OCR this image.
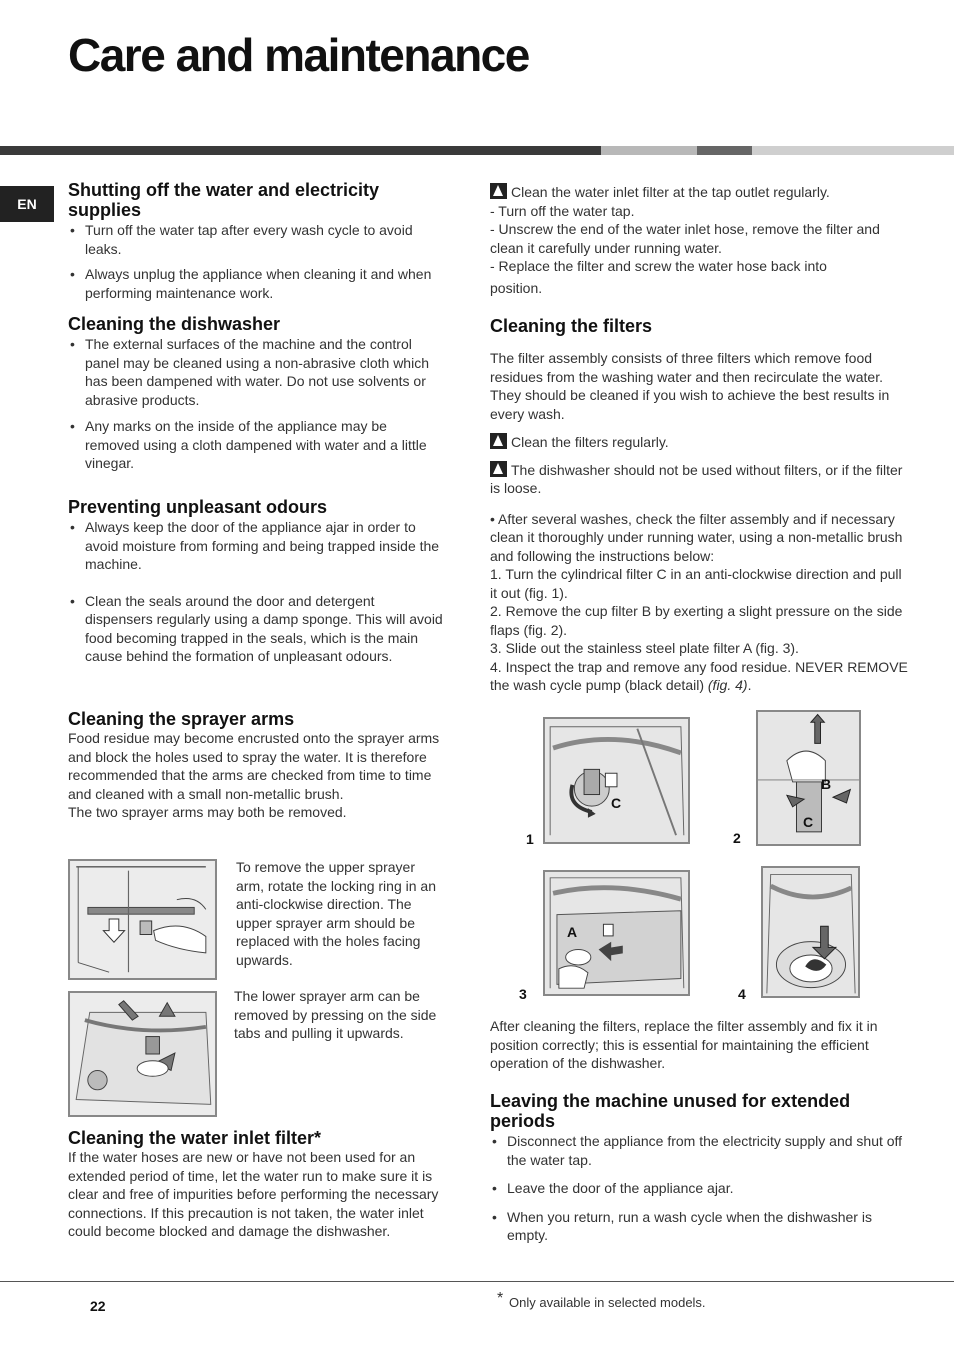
Care and maintenance
EN
Shutting off the water and electricity supplies
• Turn off the water tap after every wash cycle to avoid leaks.
• Always unplug the appliance when cleaning it and when performing maintenance work.
Cleaning the dishwasher
• The external surfaces of the machine and the control panel may be cleaned using a non-abrasive cloth which has been dampened with water. Do not use solvents or abrasive products.
• Any marks on the inside of the appliance may be removed using a cloth dampened with water and a little vinegar.
Preventing unpleasant odours
• Always keep the door of the appliance ajar in order to avoid moisture from forming and being trapped inside the machine.
• Clean the seals around the door and detergent dispensers regularly using a damp sponge. This will avoid food becoming trapped in the seals, which is the main cause behind the formation of unpleasant odours.
Cleaning the sprayer arms

Food residue may become encrusted onto the sprayer arms and block the holes used to spray the water. It is therefore recommended that the arms are checked from time to time and cleaned with a small non-metallic brush.

The two sprayer arms may both be removed.

To remove the upper sprayer arm, rotate the locking ring in an anti-clockwise direction. The upper sprayer arm should be replaced with the holes facing upwards.

The lower sprayer arm can be removed by pressing on the side tabs and pulling it upwards.

Cleaning the water inlet filter*

If the water hoses are new or have not been used for an extended period of time, let the water run to make sure it is clear and free of impurities before performing the necessary connections. If this precaution is not taken, the water inlet could become blocked and damage the dishwasher.

Clean the water inlet filter at the tap outlet regularly.

- Turn off the water tap.

- Unscrew the end of the water inlet hose, remove the filter and clean it carefully under running water.

- Replace the filter and screw the water hose back into

position.

Cleaning the filters

The filter assembly consists of three filters which remove food residues from the washing water and then recirculate the water. They should be cleaned if you wish to achieve the best results in every wash.

Clean the filters regularly.

The dishwasher should not be used without filters, or if the filter is loose.

• After several washes, check the filter assembly and if necessary clean it thoroughly under running water, using a non-metallic brush and following the instructions below:

1. Turn the cylindrical filter C in an anti-clockwise direction and pull it out (fig. 1).

2. Remove the cup filter B by exerting a slight pressure on the side flaps (fig. 2).

3. Slide out the stainless steel plate filter A (fig. 3).

4. Inspect the trap and remove any food residue. NEVER REMOVE the wash cycle pump (black detail) (fig. 4).

C
B
C
A
1	2
3	4

After cleaning the filters, replace the filter assembly and fix it in position correctly; this is essential for maintaining the efficient operation of the dishwasher.

Leaving the machine unused for extended periods
• Disconnect the appliance from the electricity supply and shut off the water tap.
• Leave the door of the appliance ajar.
• When you return, run a wash cycle when the dishwasher is empty.
22	* Only available in selected models.
